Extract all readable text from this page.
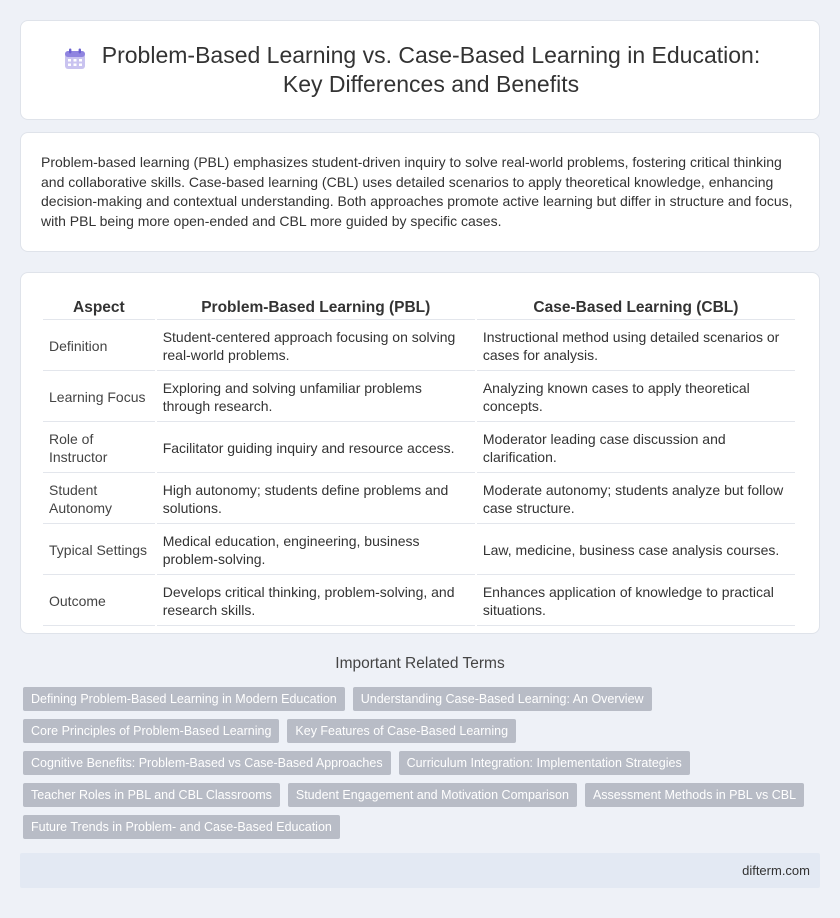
Problem-Based Learning vs. Case-Based Learning in Education:
Key Differences and Benefits

Problem-based learning (PBL) emphasizes student-driven inquiry to solve real-world problems, fostering critical thinking and collaborative skills. Case-based learning (CBL) uses detailed scenarios to apply theoretical knowledge, enhancing decision-making and contextual understanding. Both approaches promote active learning but differ in structure and focus, with PBL being more open-ended and CBL more guided by specific cases.

Aspect	Problem-Based Learning (PBL)	Case-Based Learning (CBL)
Definition	Student-centered approach focusing on solving real-world problems.	Instructional method using detailed scenarios or cases for analysis.
Learning Focus	Exploring and solving unfamiliar problems through research.	Analyzing known cases to apply theoretical concepts.
Role of Instructor	Facilitator guiding inquiry and resource access.	Moderator leading case discussion and clarification.
Student Autonomy	High autonomy; students define problems and solutions.	Moderate autonomy; students analyze but follow case structure.
Typical Settings	Medical education, engineering, business problem-solving.	Law, medicine, business case analysis courses.
Outcome	Develops critical thinking, problem-solving, and research skills.	Enhances application of knowledge to practical situations.
Important Related Terms
Defining Problem-Based Learning in Modern Education	Understanding Case-Based Learning: An Overview
Core Principles of Problem-Based Learning	Key Features of Case-Based Learning
Cognitive Benefits: Problem-Based vs Case-Based Approaches	Curriculum Integration: Implementation Strategies
Teacher Roles in PBL and CBL Classrooms	Student Engagement and Motivation Comparison	Assessment Methods in PBL vs CBL
Future Trends in Problem- and Case-Based Education
difterm.com
